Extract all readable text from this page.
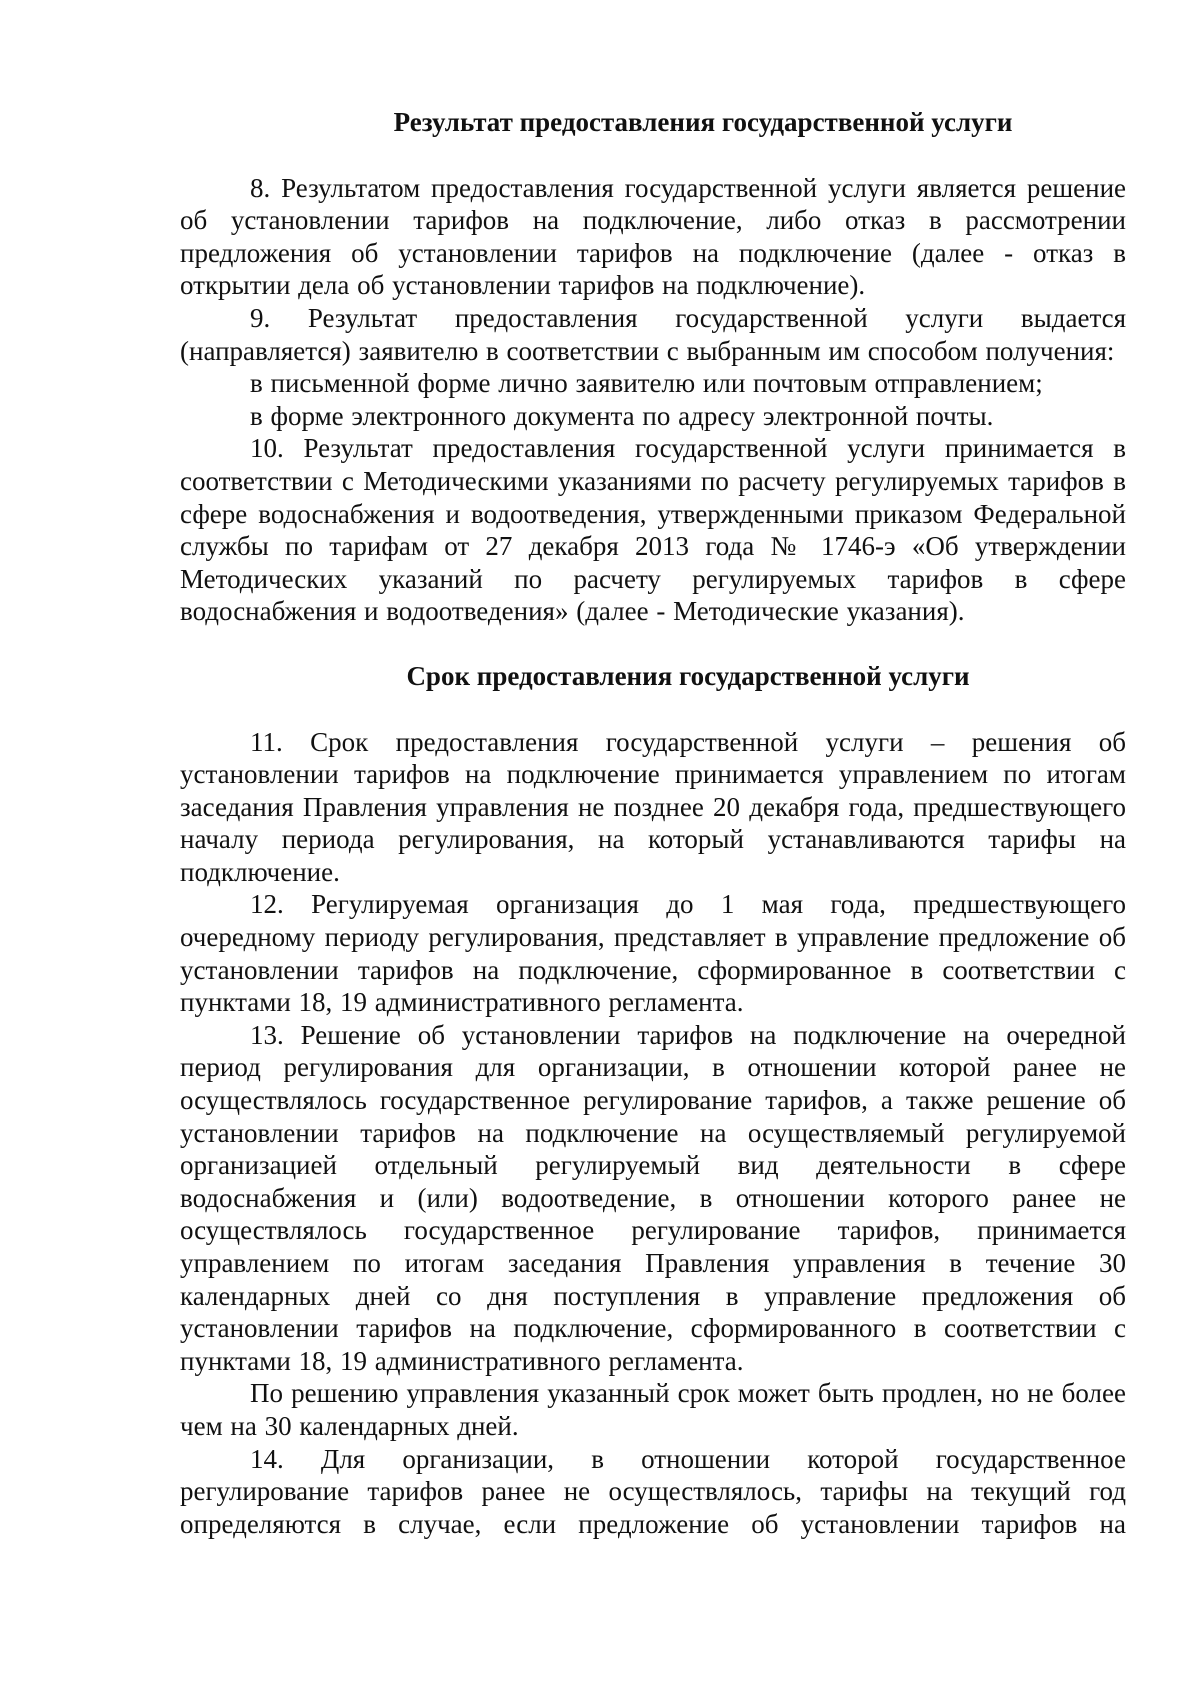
Результат предоставления государственной услуги

8. Результатом предоставления государственной услуги является решение об установлении тарифов на подключение, либо отказ в рассмотрении предложения об установлении тарифов на подключение (далее - отказ в открытии дела об установлении тарифов на подключение).

9. Результат предоставления государственной услуги выдается (направляется) заявителю в соответствии с выбранным им способом получения:

в письменной форме лично заявителю или почтовым отправлением;

в форме электронного документа по адресу электронной почты.

10. Результат предоставления государственной услуги принимается в соответствии с Методическими указаниями по расчету регулируемых тарифов в сфере водоснабжения и водоотведения, утвержденными приказом Федеральной службы по тарифам от 27 декабря 2013 года № 1746-э «Об утверждении Методических указаний по расчету регулируемых тарифов в сфере водоснабжения и водоотведения» (далее - Методические указания).

Срок предоставления государственной услуги

11. Срок предоставления государственной услуги – решения об установлении тарифов на подключение принимается управлением по итогам заседания Правления управления не позднее 20 декабря года, предшествующего началу периода регулирования, на который устанавливаются тарифы на подключение.

12. Регулируемая организация до 1 мая года, предшествующего очередному периоду регулирования, представляет в управление предложение об установлении тарифов на подключение, сформированное в соответствии с пунктами 18, 19 административного регламента.

13. Решение об установлении тарифов на подключение на очередной период регулирования для организации, в отношении которой ранее не осуществлялось государственное регулирование тарифов, а также решение об установлении тарифов на подключение на осуществляемый регулируемой организацией отдельный регулируемый вид деятельности в сфере водоснабжения и (или) водоотведение, в отношении которого ранее не осуществлялось государственное регулирование тарифов, принимается управлением по итогам заседания Правления управления в течение 30 календарных дней со дня поступления в управление предложения об установлении тарифов на подключение, сформированного в соответствии с пунктами 18, 19 административного регламента.

По решению управления указанный срок может быть продлен, но не более чем на 30 календарных дней.

14. Для организации, в отношении которой государственное регулирование тарифов ранее не осуществлялось, тарифы на текущий год определяются в случае, если предложение об установлении тарифов на
